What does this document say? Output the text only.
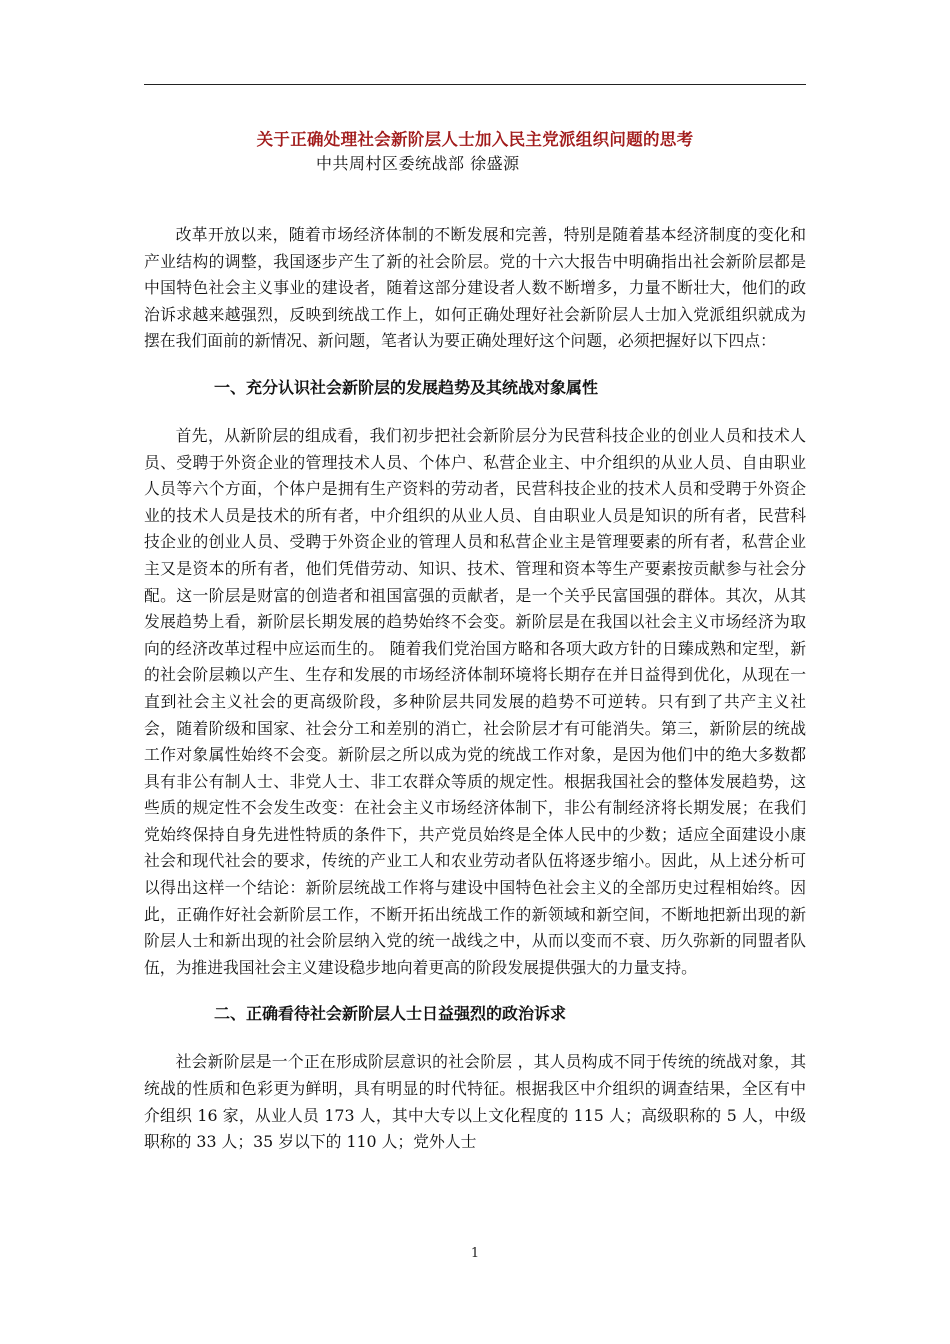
关于正确处理社会新阶层人士加入民主党派组织问题的思考
中共周村区委统战部 徐盛源

改革开放以来，随着市场经济体制的不断发展和完善，特别是随着基本经济制度的变化和产业结构的调整，我国逐步产生了新的社会阶层。党的十六大报告中明确指出社会新阶层都是中国特色社会主义事业的建设者，随着这部分建设者人数不断增多，力量不断壮大，他们的政治诉求越来越强烈，反映到统战工作上，如何正确处理好社会新阶层人士加入党派组织就成为摆在我们面前的新情况、新问题，笔者认为要正确处理好这个问题，必须把握好以下四点：

一、充分认识社会新阶层的发展趋势及其统战对象属性

首先，从新阶层的组成看，我们初步把社会新阶层分为民营科技企业的创业人员和技术人员、受聘于外资企业的管理技术人员、个体户、私营企业主、中介组织的从业人员、自由职业人员等六个方面，个体户是拥有生产资料的劳动者，民营科技企业的技术人员和受聘于外资企业的技术人员是技术的所有者，中介组织的从业人员、自由职业人员是知识的所有者，民营科技企业的创业人员、受聘于外资企业的管理人员和私营企业主是管理要素的所有者，私营企业主又是资本的所有者，他们凭借劳动、知识、技术、管理和资本等生产要素按贡献参与社会分配。这一阶层是财富的创造者和祖国富强的贡献者，是一个关乎民富国强的群体。其次，从其发展趋势上看，新阶层长期发展的趋势始终不会变。新阶层是在我国以社会主义市场经济为取向的经济改革过程中应运而生的。 随着我们党治国方略和各项大政方针的日臻成熟和定型，新的社会阶层赖以产生、生存和发展的市场经济体制环境将长期存在并日益得到优化，从现在一直到社会主义社会的更高级阶段，多种阶层共同发展的趋势不可逆转。只有到了共产主义社会，随着阶级和国家、社会分工和差别的消亡，社会阶层才有可能消失。第三，新阶层的统战工作对象属性始终不会变。新阶层之所以成为党的统战工作对象，是因为他们中的绝大多数都具有非公有制人士、非党人士、非工农群众等质的规定性。根据我国社会的整体发展趋势，这些质的规定性不会发生改变：在社会主义市场经济体制下，非公有制经济将长期发展；在我们党始终保持自身先进性特质的条件下，共产党员始终是全体人民中的少数；适应全面建设小康社会和现代社会的要求，传统的产业工人和农业劳动者队伍将逐步缩小。因此，从上述分析可以得出这样一个结论：新阶层统战工作将与建设中国特色社会主义的全部历史过程相始终。因此，正确作好社会新阶层工作，不断开拓出统战工作的新领域和新空间，不断地把新出现的新阶层人士和新出现的社会阶层纳入党的统一战线之中，从而以变而不衰、历久弥新的同盟者队伍，为推进我国社会主义建设稳步地向着更高的阶段发展提供强大的力量支持。

二、正确看待社会新阶层人士日益强烈的政治诉求

社会新阶层是一个正在形成阶层意识的社会阶层 ，其人员构成不同于传统的统战对象，其统战的性质和色彩更为鲜明，具有明显的时代特征。根据我区中介组织的调查结果，全区有中介组织 16 家，从业人员 173 人，其中大专以上文化程度的 115 人；高级职称的 5 人，中级职称的 33 人；35 岁以下的 110 人；党外人士

1
